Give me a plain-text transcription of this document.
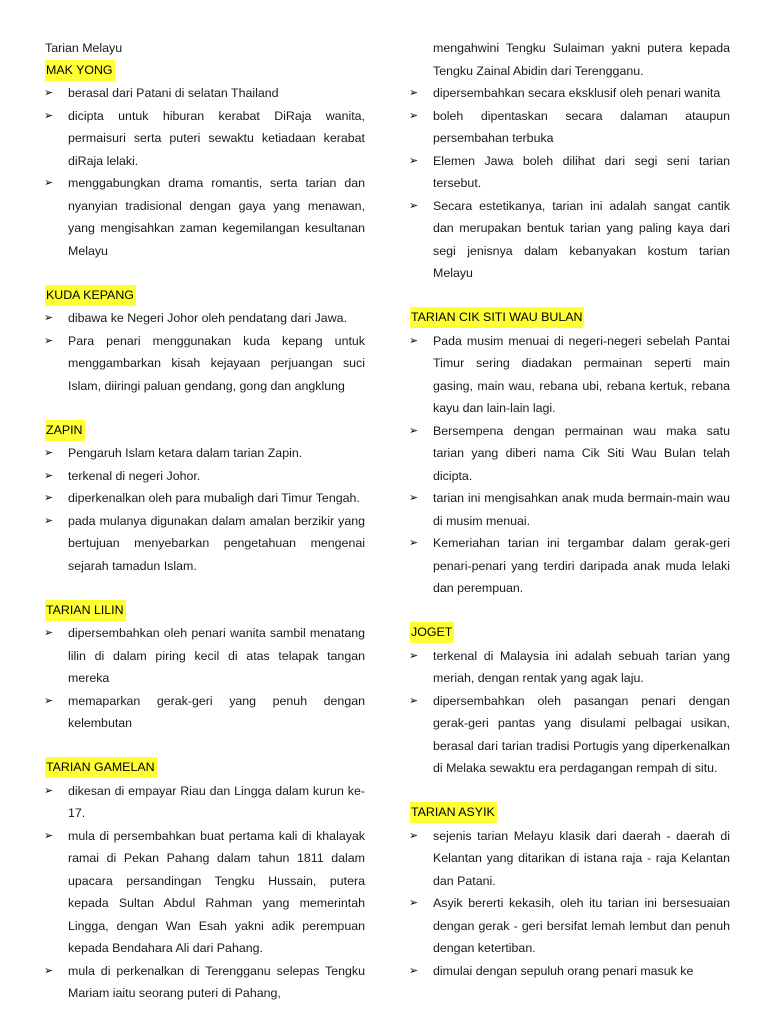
Tarian Melayu
MAK YONG
➢ berasal dari Patani di selatan Thailand
➢ dicipta untuk hiburan kerabat DiRaja wanita, permaisuri serta puteri sewaktu ketiadaan kerabat diRaja lelaki.
➢ menggabungkan drama romantis, serta tarian dan nyanyian tradisional dengan gaya yang menawan, yang mengisahkan zaman kegemilangan kesultanan Melayu
KUDA KEPANG
➢ dibawa ke Negeri Johor oleh pendatang dari Jawa.
➢ Para penari menggunakan kuda kepang untuk menggambarkan kisah kejayaan perjuangan suci Islam, diiringi paluan gendang, gong dan angklung
ZAPIN
➢ Pengaruh Islam ketara dalam tarian Zapin.
➢ terkenal di negeri Johor.
➢ diperkenalkan oleh para mubaligh dari Timur Tengah.
➢ pada mulanya digunakan dalam amalan berzikir yang bertujuan menyebarkan pengetahuan mengenai sejarah tamadun Islam.
TARIAN LILIN
➢ dipersembahkan oleh penari wanita sambil menatang lilin di dalam piring kecil di atas telapak tangan mereka
➢ memaparkan gerak-geri yang penuh dengan kelembutan
TARIAN GAMELAN
➢ dikesan di empayar Riau dan Lingga dalam kurun ke-17.
➢ mula di persembahkan buat pertama kali di khalayak ramai di Pekan Pahang dalam tahun 1811 dalam upacara persandingan Tengku Hussain, putera kepada Sultan Abdul Rahman yang memerintah Lingga, dengan Wan Esah yakni adik perempuan kepada Bendahara Ali dari Pahang.
➢ mula di perkenalkan di Terengganu selepas Tengku Mariam iaitu seorang puteri di Pahang,
mengahwini Tengku Sulaiman yakni putera kepada Tengku Zainal Abidin dari Terengganu.
➢ dipersembahkan secara eksklusif oleh penari wanita
➢ boleh dipentaskan secara dalaman ataupun persembahan terbuka
➢ Elemen Jawa boleh dilihat dari segi seni tarian tersebut.
➢ Secara estetikanya, tarian ini adalah sangat cantik dan merupakan bentuk tarian yang paling kaya dari segi jenisnya dalam kebanyakan kostum tarian Melayu
TARIAN CIK SITI WAU BULAN
➢ Pada musim menuai di negeri-negeri sebelah Pantai Timur sering diadakan permainan seperti main gasing, main wau, rebana ubi, rebana kertuk, rebana kayu dan lain-lain lagi.
➢ Bersempena dengan permainan wau maka satu tarian yang diberi nama Cik Siti Wau Bulan telah dicipta.
➢ tarian ini mengisahkan anak muda bermain-main wau di musim menuai.
➢ Kemeriahan tarian ini tergambar dalam gerak-geri penari-penari yang terdiri daripada anak muda lelaki dan perempuan.
JOGET
➢ terkenal di Malaysia ini adalah sebuah tarian yang meriah, dengan rentak yang agak laju.
➢ dipersembahkan oleh pasangan penari dengan gerak-geri pantas yang disulami pelbagai usikan, berasal dari tarian tradisi Portugis yang diperkenalkan di Melaka sewaktu era perdagangan rempah di situ.
TARIAN ASYIK
➢ sejenis tarian Melayu klasik dari daerah - daerah di Kelantan yang ditarikan di istana raja - raja Kelantan dan Patani.
➢ Asyik bererti kekasih, oleh itu tarian ini bersesuaian dengan gerak - geri bersifat lemah lembut dan penuh dengan ketertiban.
➢ dimulai dengan sepuluh orang penari masuk ke
